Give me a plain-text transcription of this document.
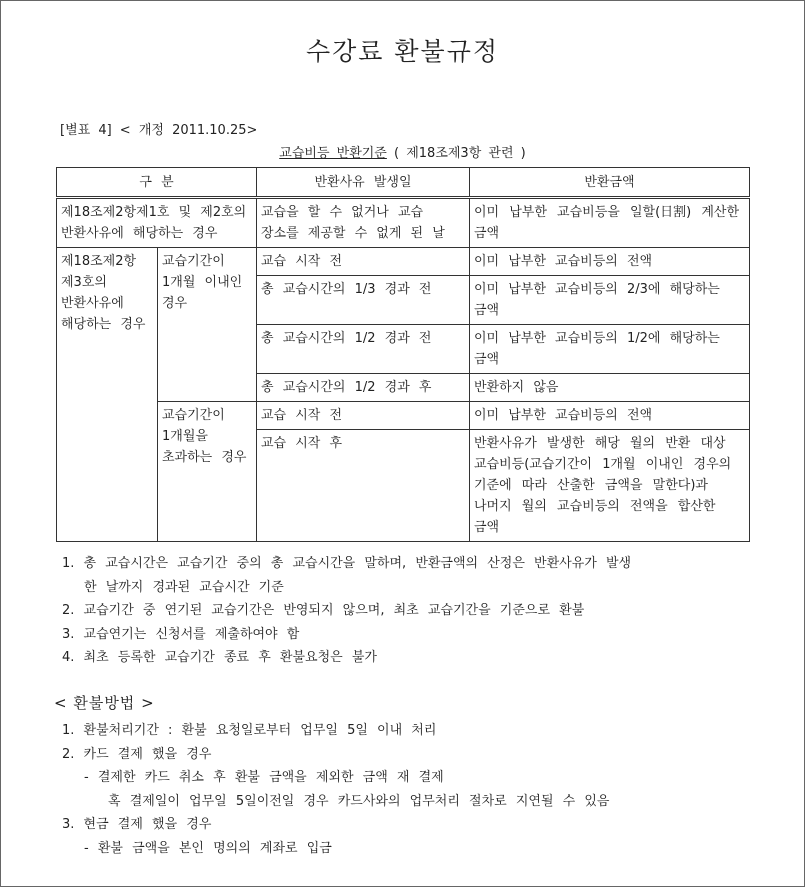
수강료 환불규정
[별표 4] < 개정 2011.10.25>
교습비등 반환기준 ( 제18조제3항 관련 )
구 분		반환사유 발생일	반환금액
제18조제2항제1호 및 제2호의 반환사유에 해당하는 경우		교습을 할 수 없거나 교습 장소를 제공할 수 없게 된 날	이미 납부한 교습비등을 일할(日割) 계산한 금액
제18조제2항 제3호의 반환사유에 해당하는 경우	교습기간이 1개월 이내인 경우	교습 시작 전	이미 납부한 교습비등의 전액
		총 교습시간의 1/3 경과 전	이미 납부한 교습비등의 2/3에 해당하는 금액
		총 교습시간의 1/2 경과 전	이미 납부한 교습비등의 1/2에 해당하는 금액
		총 교습시간의 1/2 경과 후	반환하지 않음
	교습기간이 1개월을 초과하는 경우	교습 시작 전	이미 납부한 교습비등의 전액
		교습 시작 후	반환사유가 발생한 해당 월의 반환 대상 교습비등(교습기간이 1개월 이내인 경우의 기준에 따라 산출한 금액을 말한다)과 나머지 월의 교습비등의 전액을 합산한 금액
1. 총 교습시간은 교습기간 중의 총 교습시간을 말하며, 반환금액의 산정은 반환사유가 발생
한 날까지 경과된 교습시간 기준
2. 교습기간 중 연기된 교습기간은 반영되지 않으며, 최초 교습기간을 기준으로 환불
3. 교습연기는 신청서를 제출하여야 함
4. 최초 등록한 교습기간 종료 후 환불요청은 불가
< 환불방법 >
1. 환불처리기간 : 환불 요청일로부터 업무일 5일 이내 처리
2. 카드 결제 했을 경우
- 결제한 카드 취소 후 환불 금액을 제외한 금액 재 결제
혹 결제일이 업무일 5일이전일 경우 카드사와의 업무처리 절차로 지연될 수 있음
3. 현금 결제 했을 경우
- 환불 금액을 본인 명의의 계좌로 입금
